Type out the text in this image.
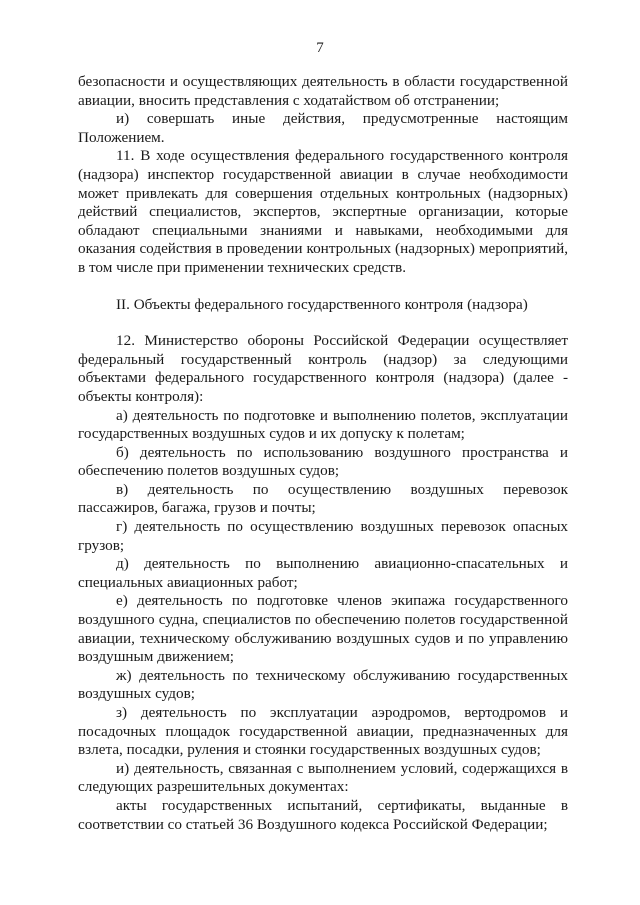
7

безопасности и осуществляющих деятельность в области государственной авиации, вносить представления с ходатайством об отстранении;

и) совершать иные действия, предусмотренные настоящим Положением.

11. В ходе осуществления федерального государственного контроля (надзора) инспектор государственной авиации в случае необходимости может привлекать для совершения отдельных контрольных (надзорных) действий специалистов, экспертов, экспертные организации, которые обладают специальными знаниями и навыками, необходимыми для оказания содействия в проведении контрольных (надзорных) мероприятий, в том числе при применении технических средств.

II. Объекты федерального государственного контроля (надзора)

12. Министерство обороны Российской Федерации осуществляет федеральный государственный контроль (надзор) за следующими объектами федерального государственного контроля (надзора) (далее - объекты контроля):

а) деятельность по подготовке и выполнению полетов, эксплуатации государственных воздушных судов и их допуску к полетам;

б) деятельность по использованию воздушного пространства и обеспечению полетов воздушных судов;

в) деятельность по осуществлению воздушных перевозок пассажиров, багажа, грузов и почты;

г) деятельность по осуществлению воздушных перевозок опасных грузов;

д) деятельность по выполнению авиационно-спасательных и специальных авиационных работ;

е) деятельность по подготовке членов экипажа государственного воздушного судна, специалистов по обеспечению полетов государственной авиации, техническому обслуживанию воздушных судов и по управлению воздушным движением;

ж) деятельность по техническому обслуживанию государственных воздушных судов;

з) деятельность по эксплуатации аэродромов, вертодромов и посадочных площадок государственной авиации, предназначенных для взлета, посадки, руления и стоянки государственных воздушных судов;

и) деятельность, связанная с выполнением условий, содержащихся в следующих разрешительных документах:

акты государственных испытаний, сертификаты, выданные в соответствии со статьей 36 Воздушного кодекса Российской Федерации;
